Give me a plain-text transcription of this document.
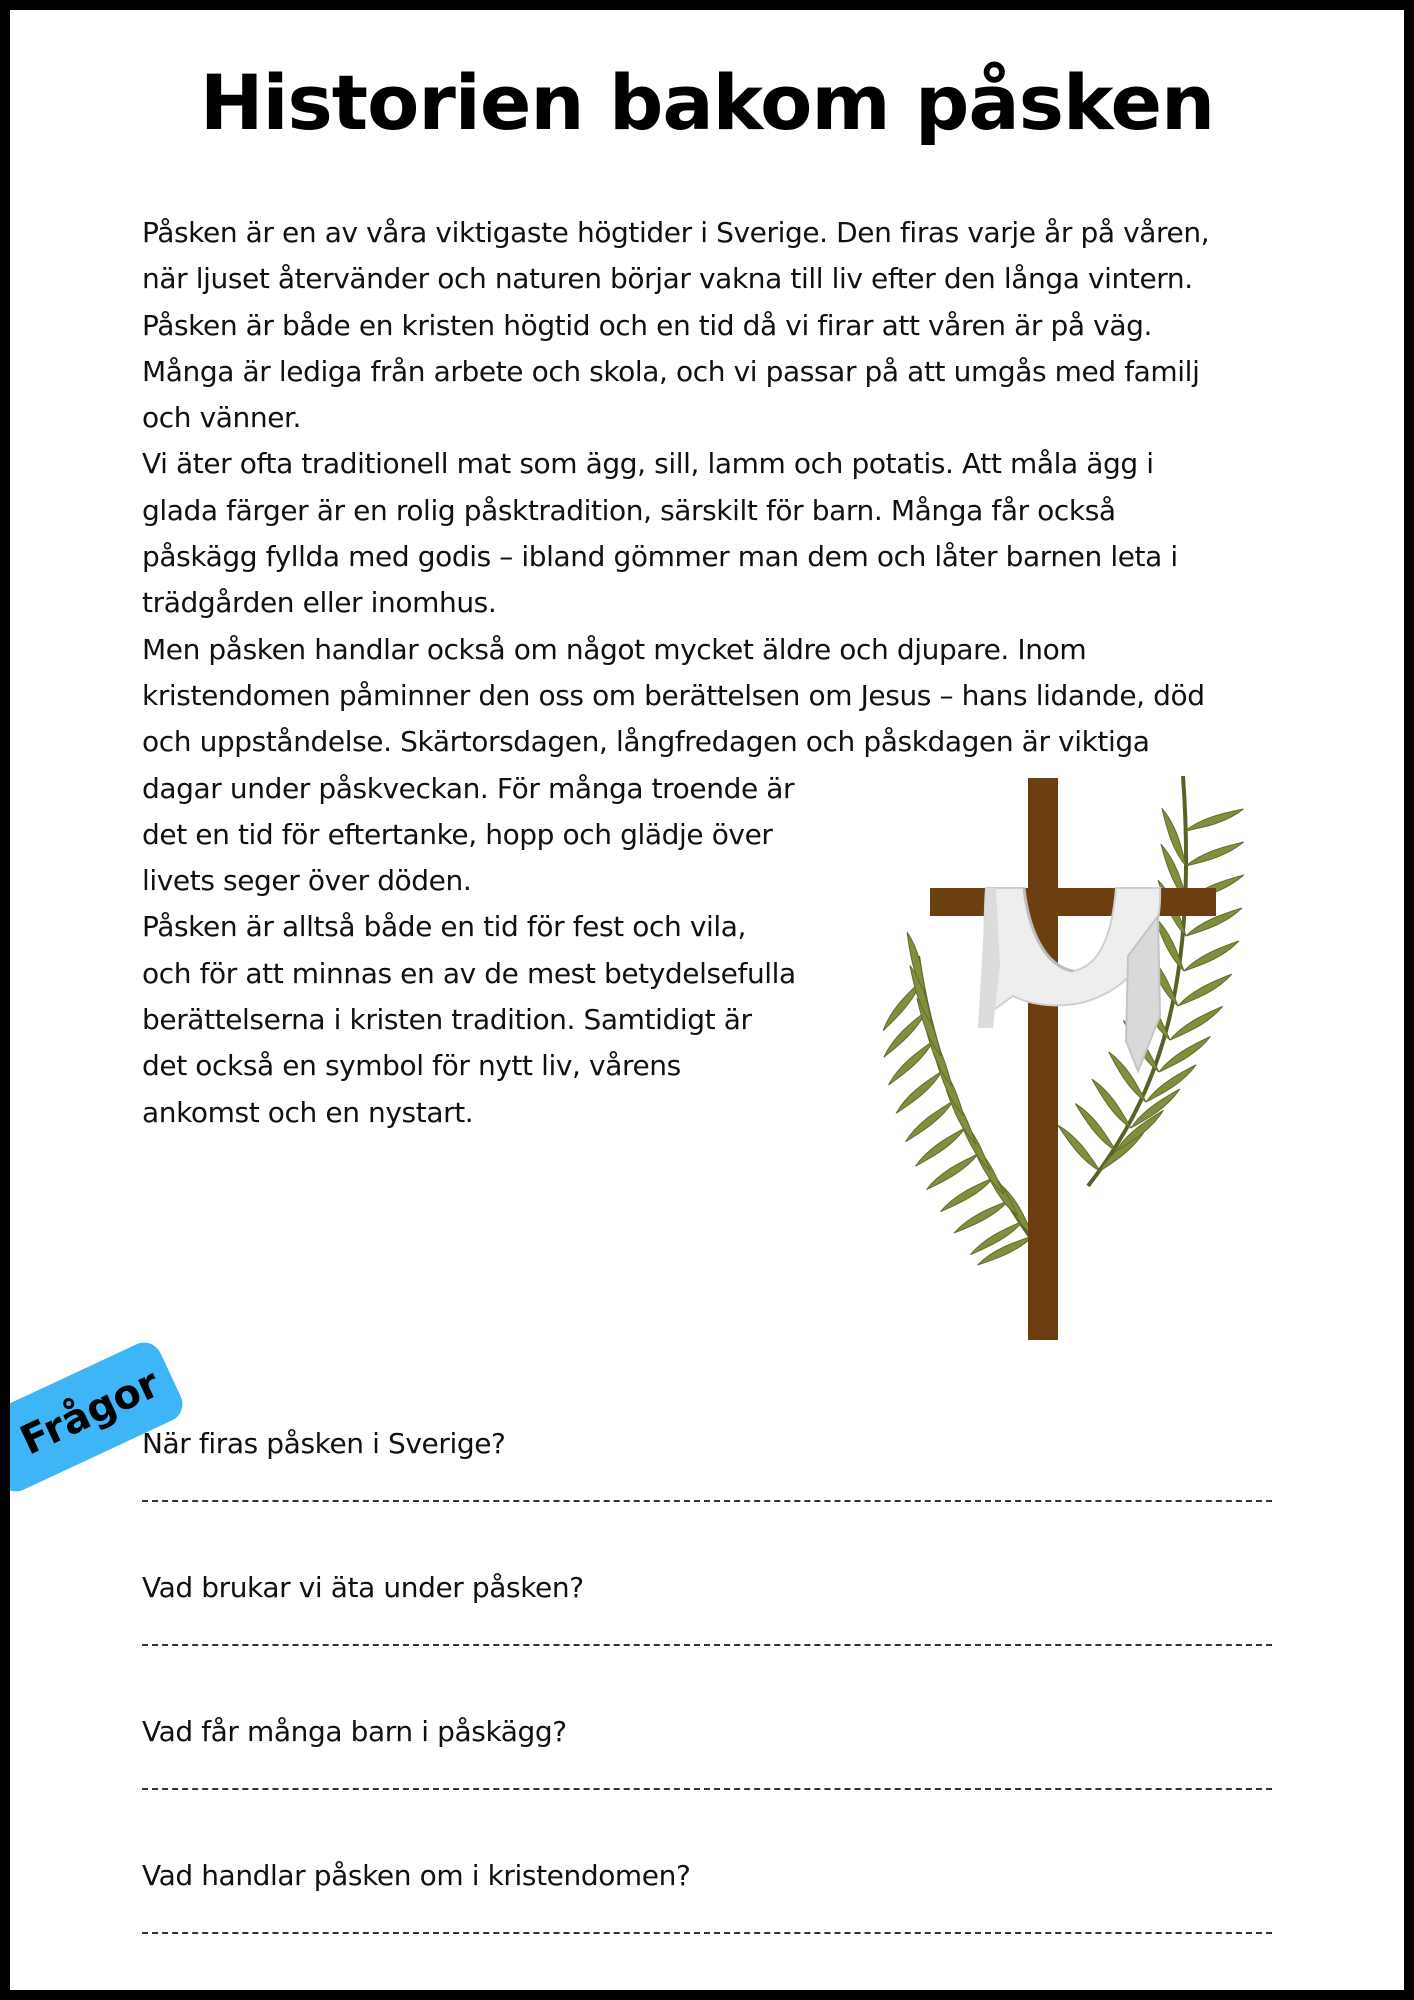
Historien bakom påsken
Påsken är en av våra viktigaste högtider i Sverige. Den firas varje år på våren,
när ljuset återvänder och naturen börjar vakna till liv efter den långa vintern.
Påsken är både en kristen högtid och en tid då vi firar att våren är på väg.
Många är lediga från arbete och skola, och vi passar på att umgås med familj
och vänner.
Vi äter ofta traditionell mat som ägg, sill, lamm och potatis. Att måla ägg i
glada färger är en rolig påsktradition, särskilt för barn. Många får också
påskägg fyllda med godis – ibland gömmer man dem och låter barnen leta i
trädgården eller inomhus.
Men påsken handlar också om något mycket äldre och djupare. Inom
kristendomen påminner den oss om berättelsen om Jesus – hans lidande, död
och uppståndelse. Skärtorsdagen, långfredagen och påskdagen är viktiga
dagar under påskveckan. För många troende är
det en tid för eftertanke, hopp och glädje över
livets seger över döden.
Påsken är alltså både en tid för fest och vila,
och för att minnas en av de mest betydelsefulla
berättelserna i kristen tradition. Samtidigt är
det också en symbol för nytt liv, vårens
ankomst och en nystart.
Frågor
När firas påsken i Sverige?
Vad brukar vi äta under påsken?
Vad får många barn i påskägg?
Vad handlar påsken om i kristendomen?
